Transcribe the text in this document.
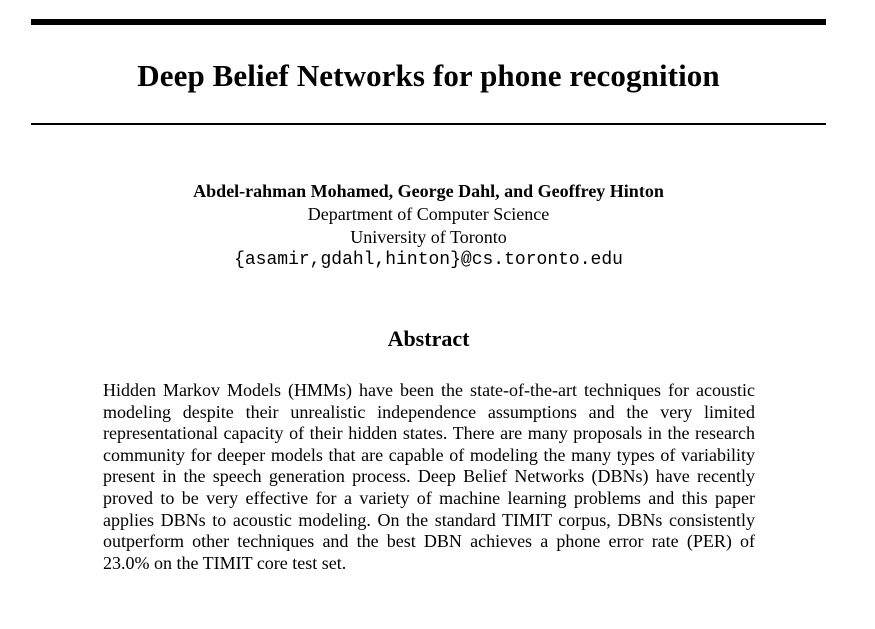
Deep Belief Networks for phone recognition
Abdel-rahman Mohamed, George Dahl, and Geoffrey Hinton
Department of Computer Science
University of Toronto
{asamir,gdahl,hinton}@cs.toronto.edu
Abstract
Hidden Markov Models (HMMs) have been the state-of-the-art techniques for acoustic modeling despite their unrealistic independence assumptions and the very limited representational capacity of their hidden states. There are many proposals in the research community for deeper models that are capable of modeling the many types of variability present in the speech generation process. Deep Belief Networks (DBNs) have recently proved to be very effective for a variety of machine learning problems and this paper applies DBNs to acoustic modeling. On the standard TIMIT corpus, DBNs consistently outperform other techniques and the best DBN achieves a phone error rate (PER) of 23.0% on the TIMIT core test set.
